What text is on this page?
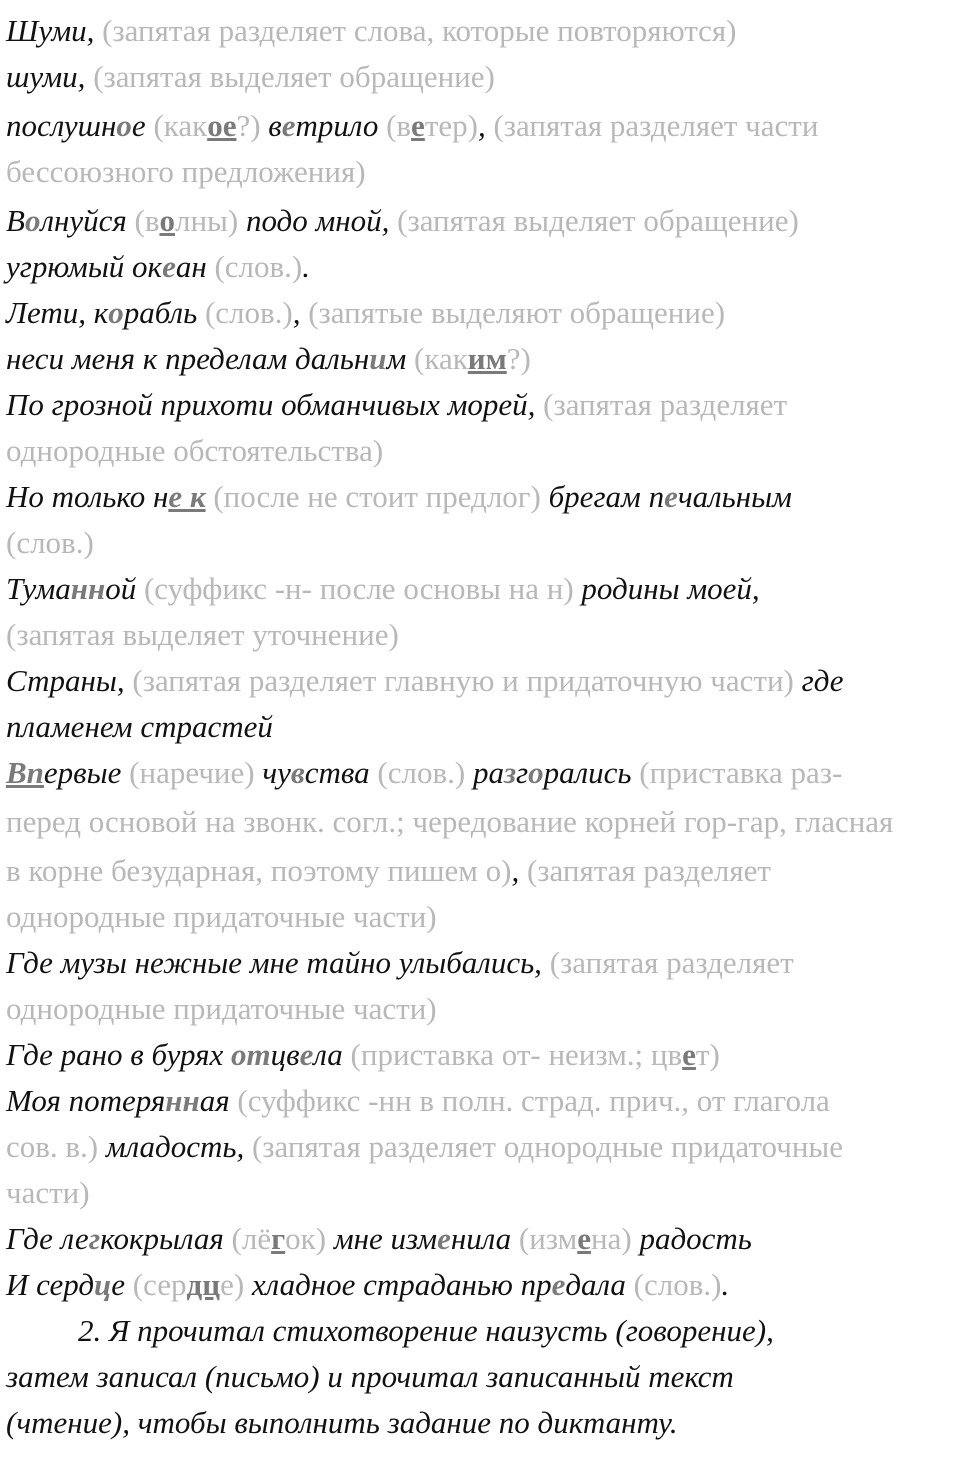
Шуми, (запятая разделяет слова, которые повторяются)
шуми, (запятая выделяет обращение)
послушное (какое?) ветрило (ветер), (запятая разделяет части
бессоюзного предложения)
Волнуйся (волны) подо мной, (запятая выделяет обращение)
угрюмый океан (слов.).
Лети, корабль (слов.), (запятые выделяют обращение)
неси меня к пределам дальним (каким?)
По грозной прихоти обманчивых морей, (запятая разделяет
однородные обстоятельства)
Но только не к (после не стоит предлог) брегам печальным
(слов.)
Туманной (суффикс -н- после основы на н) родины моей,
(запятая выделяет уточнение)
Страны, (запятая разделяет главную и придаточную части) где
пламенем страстей
Впервые (наречие) чувства (слов.) разгорались (приставка раз-
перед основой на звонк. согл.; чередование корней гор-гар, гласная
в корне безударная, поэтому пишем о), (запятая разделяет
однородные придаточные части)
Где музы нежные мне тайно улыбались, (запятая разделяет
однородные придаточные части)
Где рано в бурях отцвела (приставка от- неизм.; цвет)
Моя потерянная (суффикс -нн в полн. страд. прич., от глагола
сов. в.) младость, (запятая разделяет однородные придаточные
части)
Где легкокрылая (лёгок) мне изменила (измена) радость
И сердце (сердце) хладное страданью предала (слов.).
2. Я прочитал стихотворение наизусть (говорение),
затем записал (письмо) и прочитал записанный текст
(чтение), чтобы выполнить задание по диктанту.
